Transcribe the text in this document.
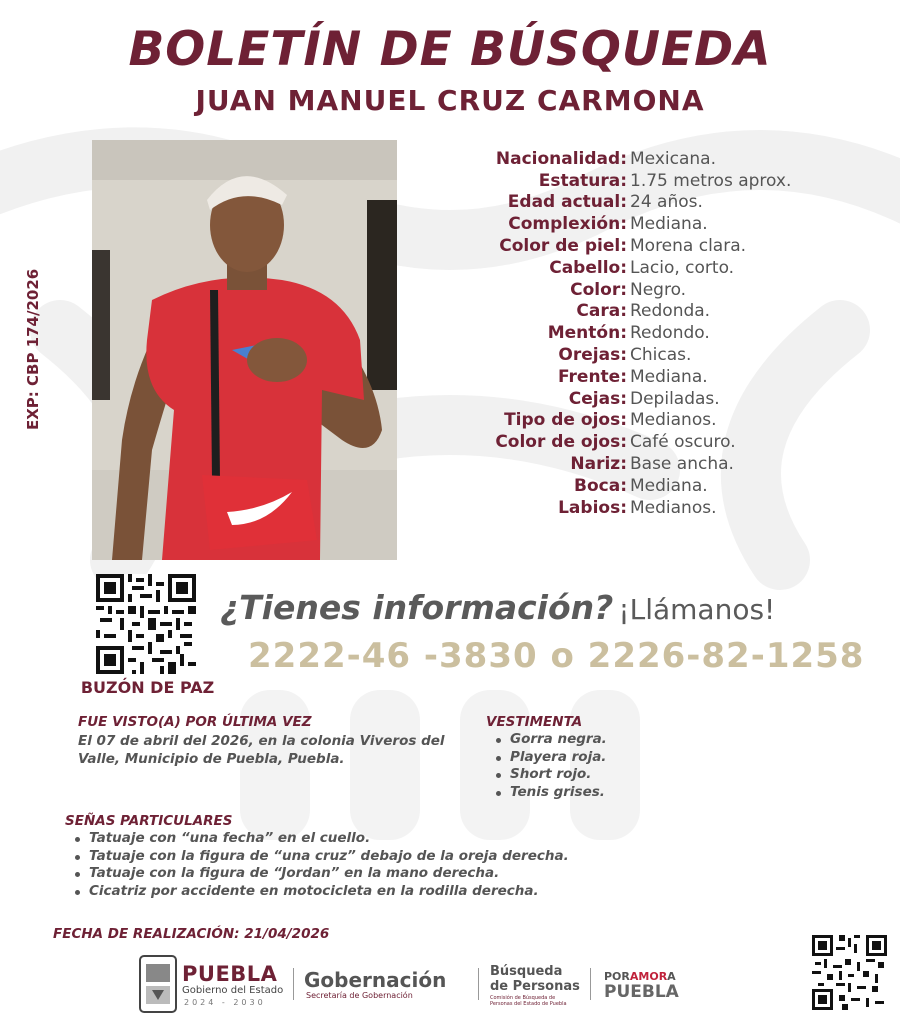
BOLETÍN DE BÚSQUEDA
JUAN MANUEL CRUZ CARMONA
EXP: CBP 174/2026
Nacionalidad: Mexicana.
Estatura: 1.75 metros aprox.
Edad actual: 24 años.
Complexión: Mediana.
Color de piel: Morena clara.
Cabello: Lacio, corto.
Color: Negro.
Cara: Redonda.
Mentón: Redondo.
Orejas: Chicas.
Frente: Mediana.
Cejas: Depiladas.
Tipo de ojos: Medianos.
Color de ojos: Café oscuro.
Nariz: Base ancha.
Boca: Mediana.
Labios: Medianos.
BUZÓN DE PAZ
¿Tienes información? ¡Llámanos!
2222-46 -3830 o 2226-82-1258
FUE VISTO(A) POR ÚLTIMA VEZ
El 07 de abril del 2026, en la colonia Viveros del Valle, Municipio de Puebla, Puebla.
VESTIMENTA
Gorra negra.
Playera roja.
Short rojo.
Tenis grises.
SEÑAS PARTICULARES
Tatuaje con “una fecha” en el cuello.
Tatuaje con la figura de “una cruz” debajo de la oreja derecha.
Tatuaje con la figura de “Jordan” en la mano derecha.
Cicatriz por accidente en motocicleta en la rodilla derecha.
FECHA DE REALIZACIÓN: 21/04/2026
PUEBLA
Gobierno del Estado
2024 - 2030
Gobernación
Secretaría de Gobernación
Búsqueda
de Personas
Comisión de Búsqueda de Personas del Estado de Puebla
PORAMORA
PUEBLA
